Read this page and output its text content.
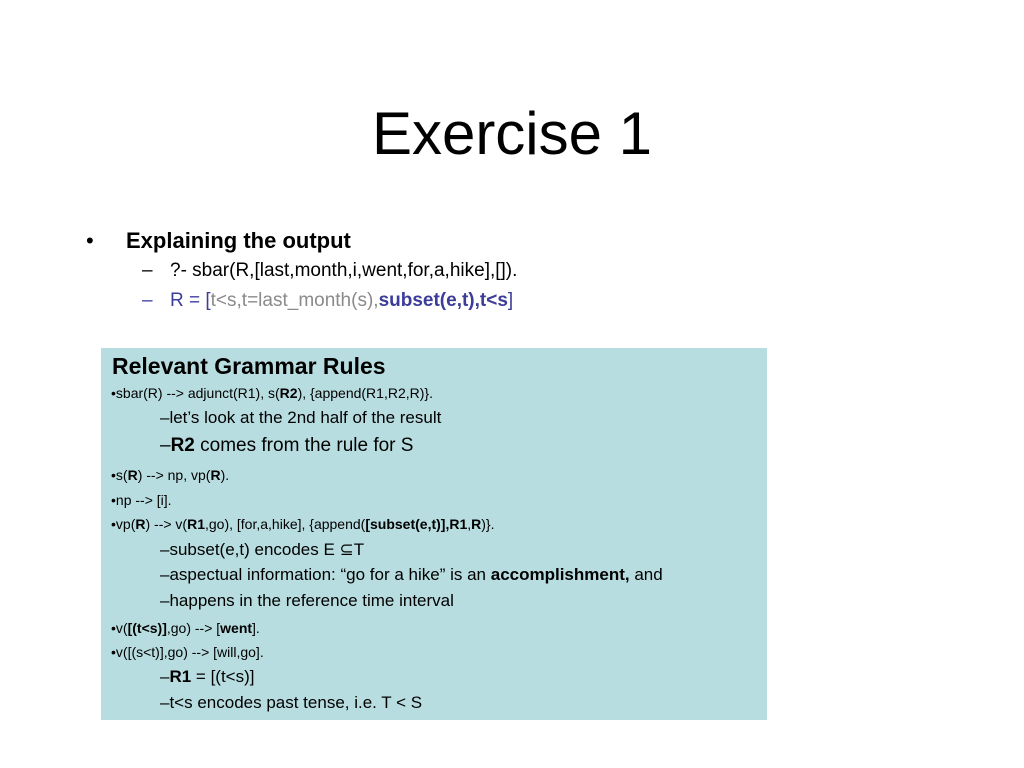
Exercise 1
• Explaining the output
– ?- sbar(R,[last,month,i,went,for,a,hike],[]).
– R = [t<s,t=last_month(s),subset(e,t),t<s]
Relevant Grammar Rules
•sbar(R) --> adjunct(R1), s(R2), {append(R1,R2,R)}.
–let’s look at the 2nd half of the result
–R2 comes from the rule for S
•s(R) --> np, vp(R).
•np --> [i].
•vp(R) --> v(R1,go), [for,a,hike], {append([subset(e,t)],R1,R)}.
–subset(e,t) encodes E ⊆T
–aspectual information: “go for a hike” is an accomplishment, and
–happens in the reference time interval
•v([(t<s)],go) --> [went].
•v([(s<t)],go) --> [will,go].
–R1 = [(t<s)]
–t<s encodes past tense, i.e. T < S
